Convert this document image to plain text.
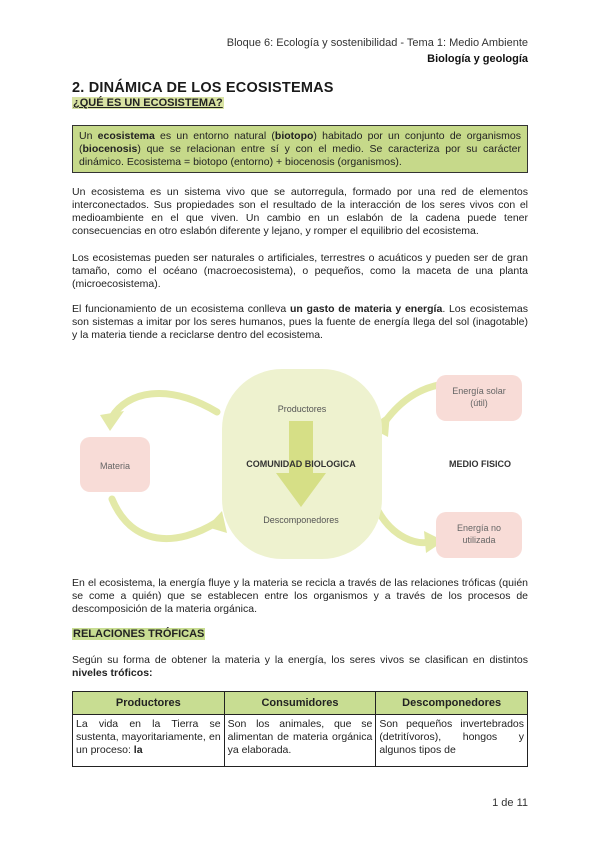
Bloque 6: Ecología y sostenibilidad - Tema 1: Medio Ambiente
Biología y geología
2. DINÁMICA DE LOS ECOSISTEMAS
¿QUÉ ES UN ECOSISTEMA?
Un ecosistema es un entorno natural (biotopo) habitado por un conjunto de organismos (biocenosis) que se relacionan entre sí y con el medio. Se caracteriza por su carácter dinámico. Ecosistema = biotopo (entorno) + biocenosis (organismos).

Un ecosistema es un sistema vivo que se autorregula, formado por una red de elementos interconectados. Sus propiedades son el resultado de la interacción de los seres vivos con el medioambiente en el que viven. Un cambio en un eslabón de la cadena puede tener consecuencias en otro eslabón diferente y lejano, y romper el equilibrio del ecosistema.

Los ecosistemas pueden ser naturales o artificiales, terrestres o acuáticos y pueden ser de gran tamaño, como el océano (macroecosistema), o pequeños, como la maceta de una planta (microecosistema).

El funcionamiento de un ecosistema conlleva un gasto de materia y energía. Los ecosistemas son sistemas a imitar por los seres humanos, pues la fuente de energía llega del sol (inagotable) y la materia tiende a reciclarse dentro del ecosistema.

Productores
COMUNIDAD BIOLOGICA
Descomponedores
Materia	MEDIO FISICO
Energía solar
(útil)
Energía no
utilizada

En el ecosistema, la energía fluye y la materia se recicla a través de las relaciones tróficas (quién se come a quién) que se establecen entre los organismos y a través de los procesos de descomposición de la materia orgánica.

RELACIONES TRÓFICAS

Según su forma de obtener la materia y la energía, los seres vivos se clasifican en distintos niveles tróficos:

Productores	Consumidores	Descomponedores
La vida en la Tierra se sustenta, mayoritariamente, en un proceso: la	Son los animales, que se alimentan de materia orgánica ya elaborada.	Son pequeños invertebrados (detritívoros), hongos y algunos tipos de
1 de 11
